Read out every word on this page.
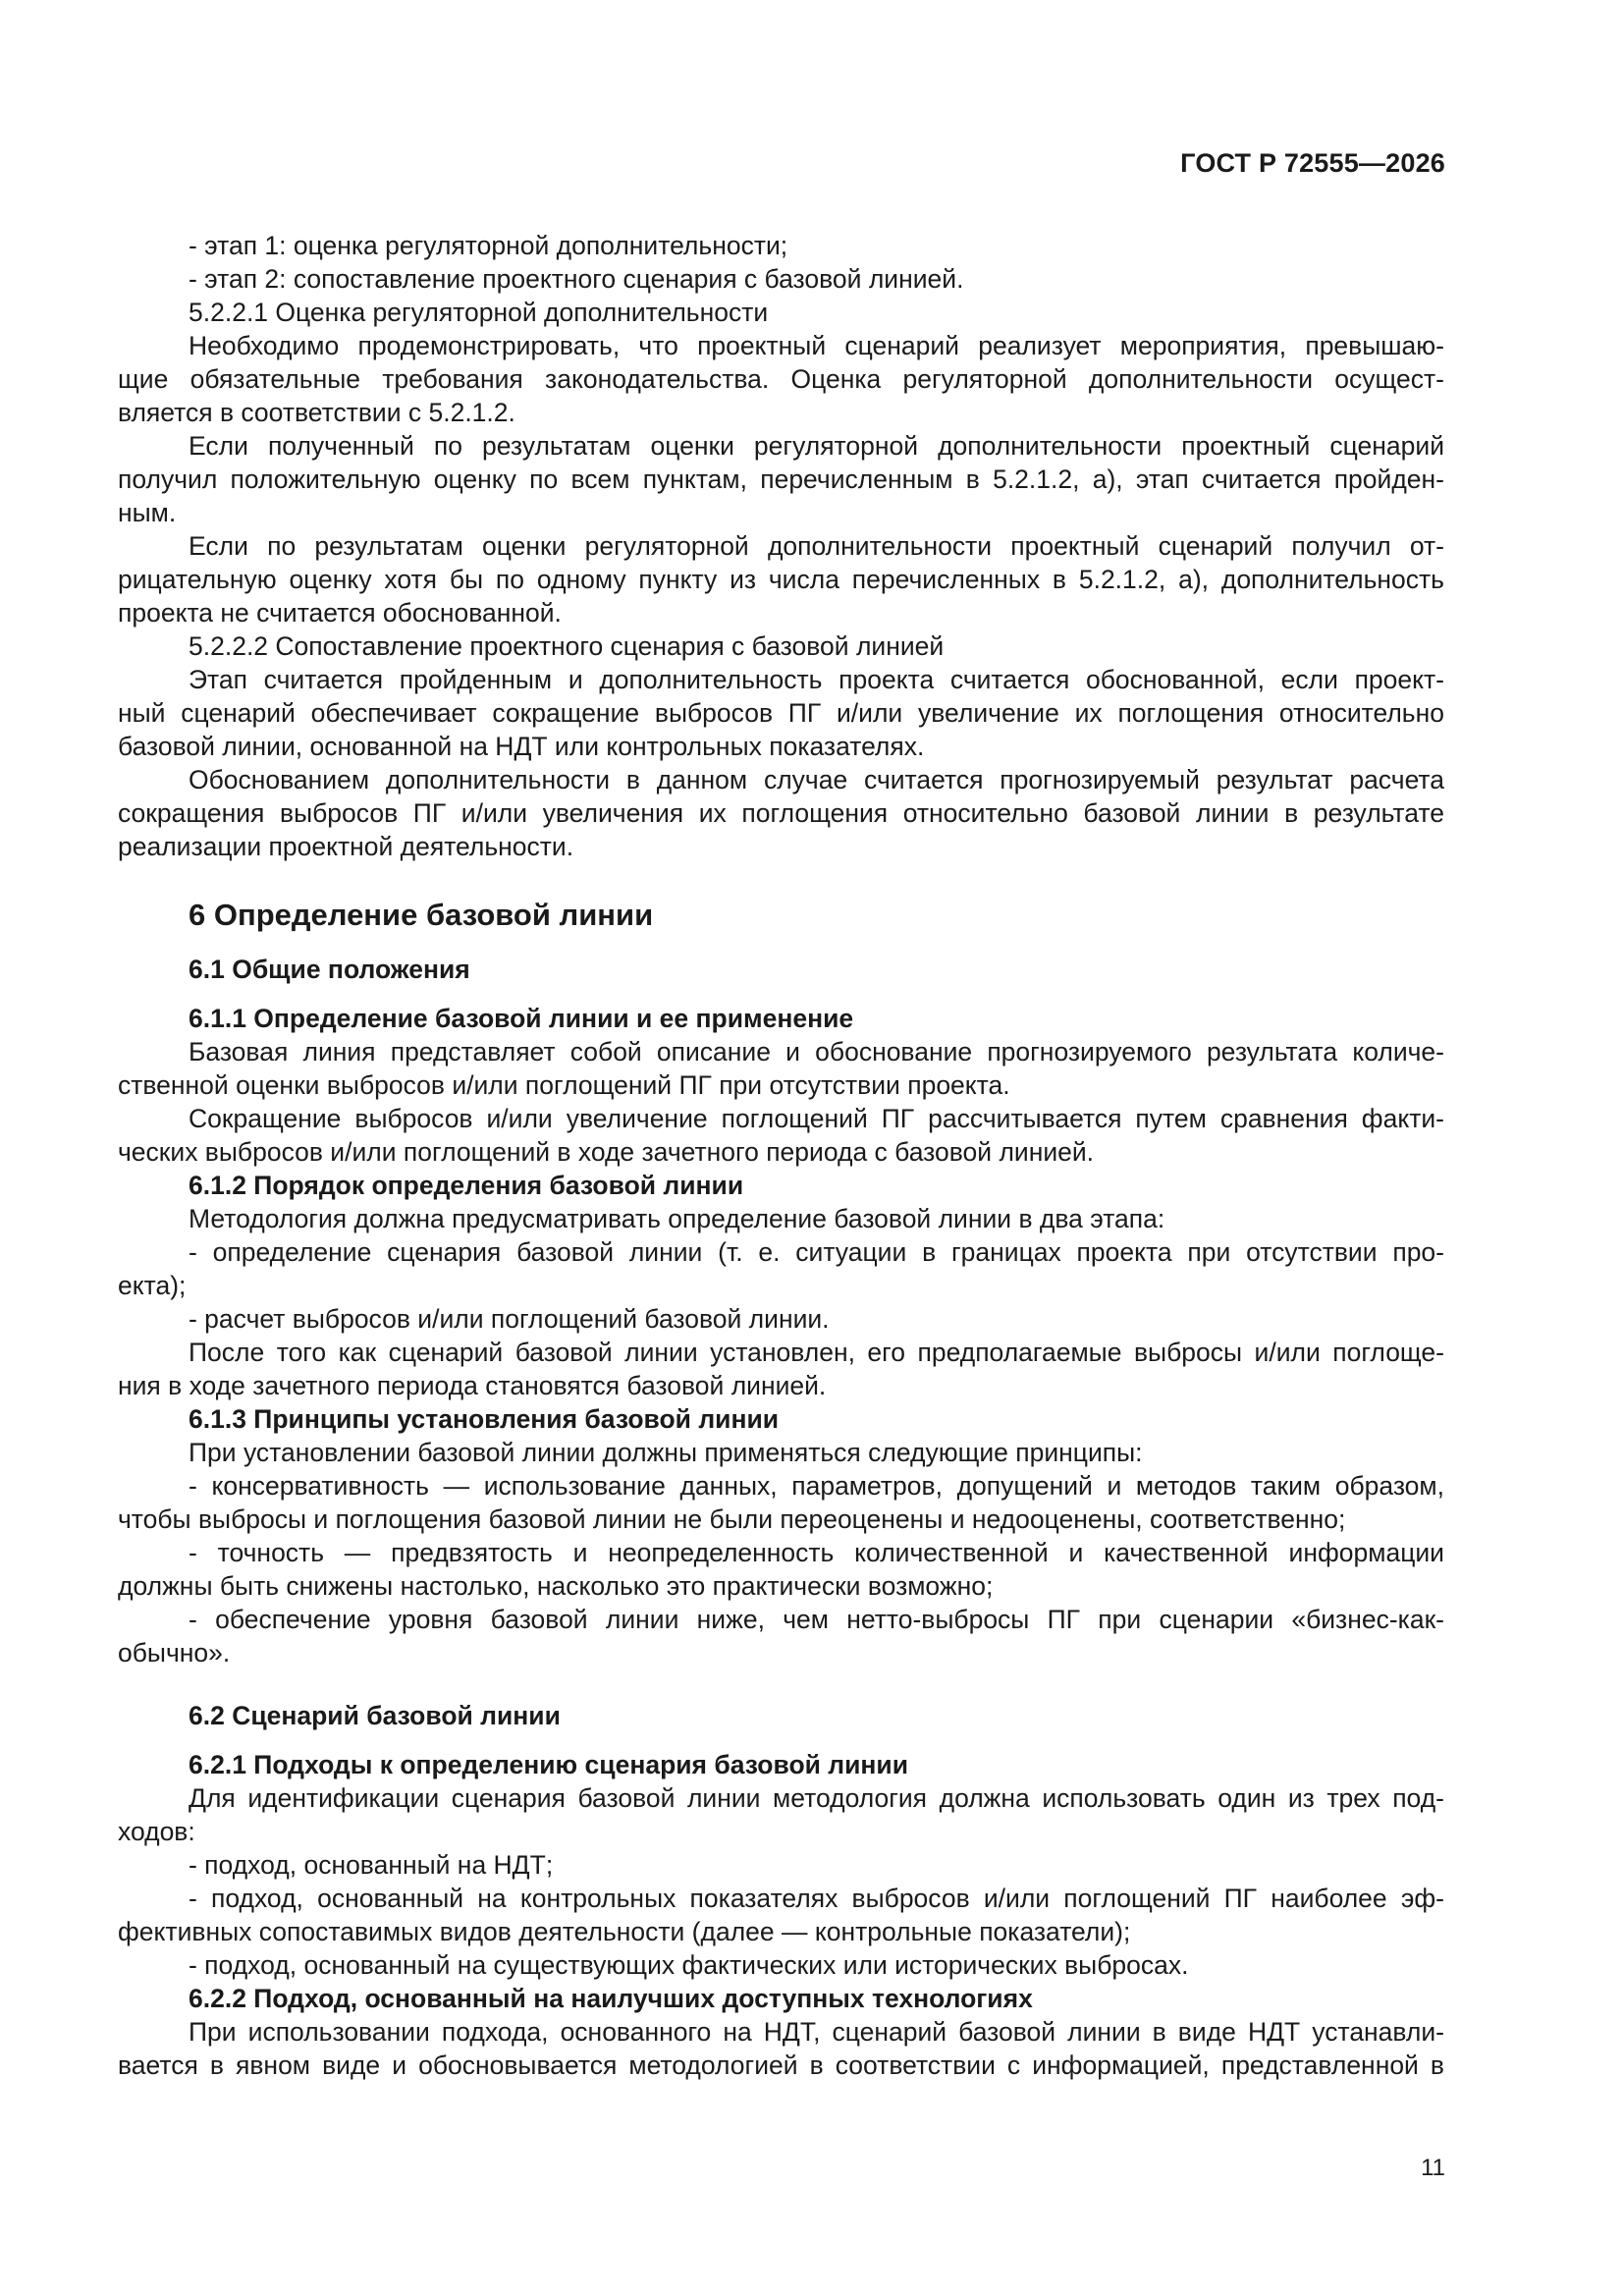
ГОСТ Р 72555—2026
- этап 1: оценка регуляторной дополнительности;
- этап 2: сопоставление проектного сценария с базовой линией.
5.2.2.1 Оценка регуляторной дополнительности
Необходимо продемонстрировать, что проектный сценарий реализует мероприятия, превышаю-
щие обязательные требования законодательства. Оценка регуляторной дополнительности осущест-
вляется в соответствии с 5.2.1.2.
Если полученный по результатам оценки регуляторной дополнительности проектный сценарий
получил положительную оценку по всем пунктам, перечисленным в 5.2.1.2, а), этап считается пройден-
ным.
Если по результатам оценки регуляторной дополнительности проектный сценарий получил от-
рицательную оценку хотя бы по одному пункту из числа перечисленных в 5.2.1.2, а), дополнительность
проекта не считается обоснованной.
5.2.2.2 Сопоставление проектного сценария с базовой линией
Этап считается пройденным и дополнительность проекта считается обоснованной, если проект-
ный сценарий обеспечивает сокращение выбросов ПГ и/или увеличение их поглощения относительно
базовой линии, основанной на НДТ или контрольных показателях.
Обоснованием дополнительности в данном случае считается прогнозируемый результат расчета
сокращения выбросов ПГ и/или увеличения их поглощения относительно базовой линии в результате
реализации проектной деятельности.
6 Определение базовой линии
6.1 Общие положения
6.1.1 Определение базовой линии и ее применение
Базовая линия представляет собой описание и обоснование прогнозируемого результата количе-
ственной оценки выбросов и/или поглощений ПГ при отсутствии проекта.
Сокращение выбросов и/или увеличение поглощений ПГ рассчитывается путем сравнения факти-
ческих выбросов и/или поглощений в ходе зачетного периода с базовой линией.
6.1.2 Порядок определения базовой линии
Методология должна предусматривать определение базовой линии в два этапа:
- определение сценария базовой линии (т. е. ситуации в границах проекта при отсутствии про-
екта);
- расчет выбросов и/или поглощений базовой линии.
После того как сценарий базовой линии установлен, его предполагаемые выбросы и/или поглоще-
ния в ходе зачетного периода становятся базовой линией.
6.1.3 Принципы установления базовой линии
При установлении базовой линии должны применяться следующие принципы:
- консервативность — использование данных, параметров, допущений и методов таким образом,
чтобы выбросы и поглощения базовой линии не были переоценены и недооценены, соответственно;
- точность — предвзятость и неопределенность количественной и качественной информации
должны быть снижены настолько, насколько это практически возможно;
- обеспечение уровня базовой линии ниже, чем нетто-выбросы ПГ при сценарии «бизнес-как-
обычно».
6.2 Сценарий базовой линии
6.2.1 Подходы к определению сценария базовой линии
Для идентификации сценария базовой линии методология должна использовать один из трех под-
ходов:
- подход, основанный на НДТ;
- подход, основанный на контрольных показателях выбросов и/или поглощений ПГ наиболее эф-
фективных сопоставимых видов деятельности (далее — контрольные показатели);
- подход, основанный на существующих фактических или исторических выбросах.
6.2.2 Подход, основанный на наилучших доступных технологиях
При использовании подхода, основанного на НДТ, сценарий базовой линии в виде НДТ устанавли-
вается в явном виде и обосновывается методологией в соответствии с информацией, представленной в
11
